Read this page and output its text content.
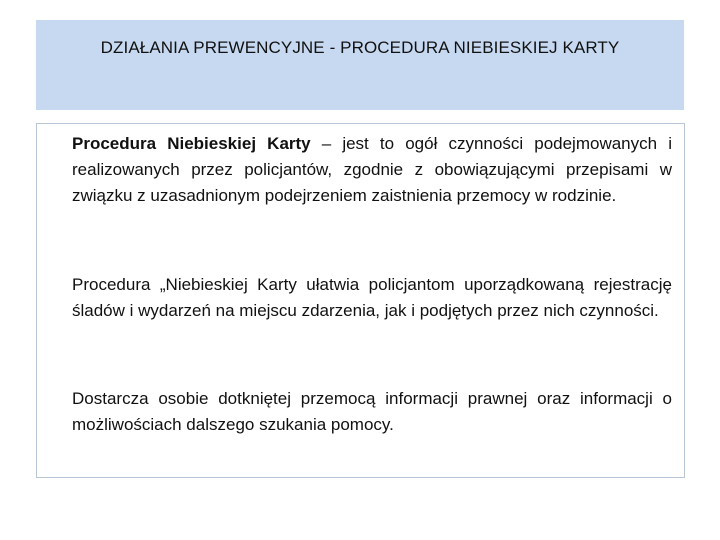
DZIAŁANIA PREWENCYJNE - PROCEDURA NIEBIESKIEJ KARTY
Procedura Niebieskiej Karty – jest to ogół czynności podejmowanych i realizowanych przez policjantów, zgodnie z obowiązującymi przepisami w związku z uzasadnionym podejrzeniem zaistnienia przemocy w rodzinie.
Procedura „Niebieskiej Karty ułatwia policjantom uporządkowaną rejestrację śladów i wydarzeń na miejscu zdarzenia, jak i podjętych przez nich czynności.
Dostarcza osobie dotkniętej przemocą informacji prawnej oraz informacji o możliwościach dalszego szukania pomocy.
